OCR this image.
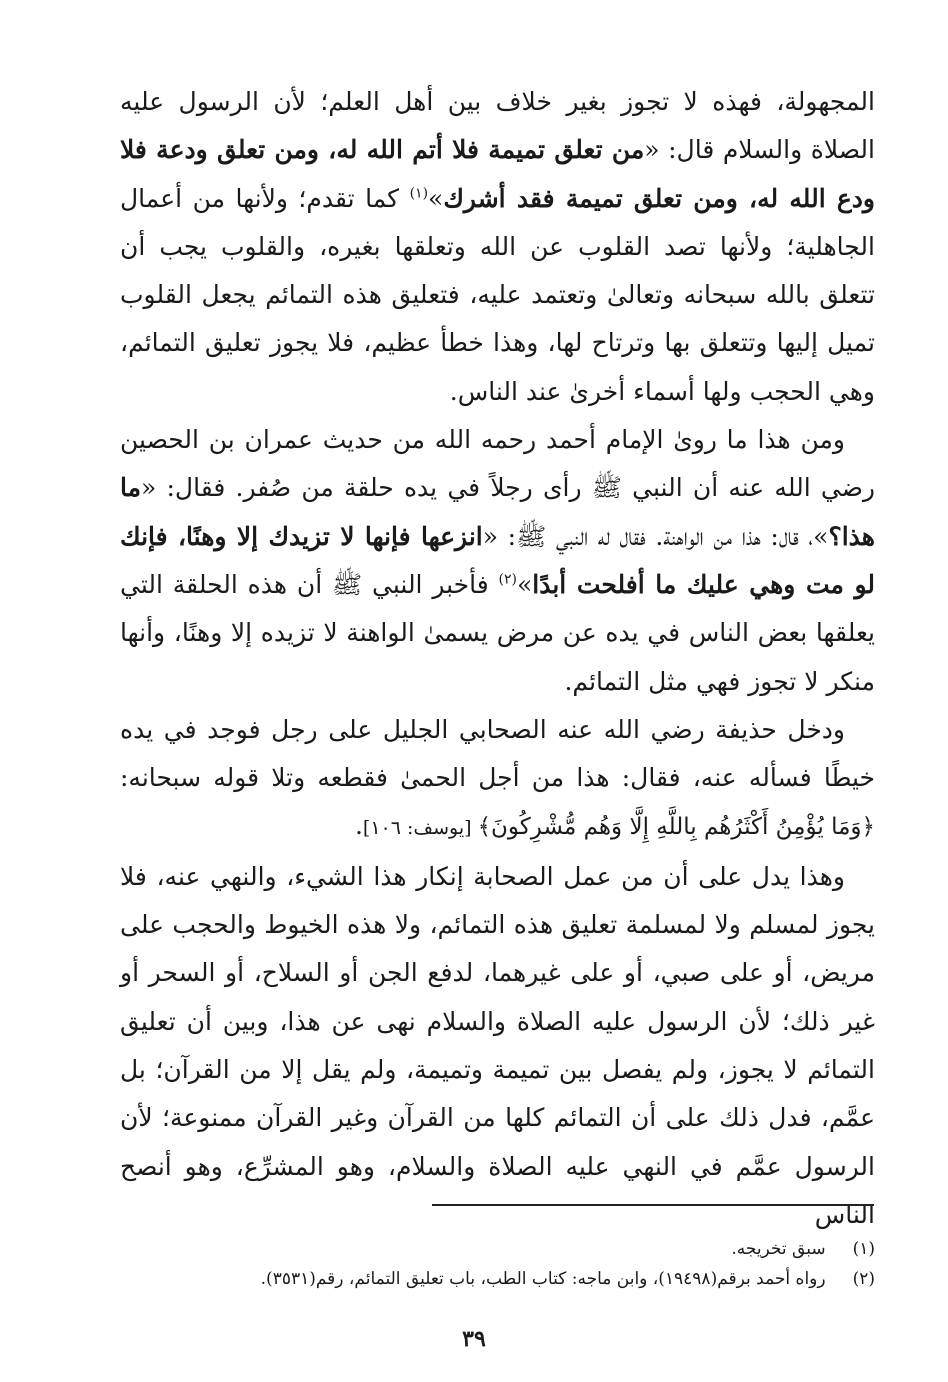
المجهولة، فهذه لا تجوز بغير خلاف بين أهل العلم؛ لأن الرسول عليه الصلاة والسلام قال: «من تعلق تميمة فلا أتم الله له، ومن تعلق ودعة فلا ودع الله له، ومن تعلق تميمة فقد أشرك»$^{(١)}$ كما تقدم؛ ولأنها من أعمال الجاهلية؛ ولأنها تصد القلوب عن الله وتعلقها بغيره، والقلوب يجب أن تتعلق بالله سبحانه وتعالىٰ وتعتمد عليه، فتعليق هذه التمائم يجعل القلوب تميل إليها وتتعلق بها وترتاح لها، وهذا خطأ عظيم، فلا يجوز تعليق التمائم، وهي الحجب ولها أسماء أخرىٰ عند الناس.

ومن هذا ما روىٰ الإمام أحمد رحمه الله من حديث عمران بن الحصين رضي الله عنه أن النبي ﷺ رأى رجلاً في يده حلقة من صُفر. فقال: «ما هذا؟»، قال: هذا من الواهنة. فقال له النبي ﷺ: «انزعها فإنها لا تزيدك إلا وهنًا، فإنك لو مت وهي عليك ما أفلحت أبدًا»$^{(٢)}$ فأخبر النبي ﷺ أن هذه الحلقة التي يعلقها بعض الناس في يده عن مرض يسمىٰ الواهنة لا تزيده إلا وهنًا، وأنها منكر لا تجوز فهي مثل التمائم.

ودخل حذيفة رضي الله عنه الصحابي الجليل على رجل فوجد في يده خيطًا فسأله عنه، فقال: هذا من أجل الحمىٰ فقطعه وتلا قوله سبحانه: ﴿وَمَا يُؤْمِنُ أَكْثَرُهُم بِاللَّهِ إِلَّا وَهُم مُّشْرِكُونَ﴾ [يوسف: ١٠٦].

وهذا يدل على أن من عمل الصحابة إنكار هذا الشيء، والنهي عنه، فلا يجوز لمسلم ولا لمسلمة تعليق هذه التمائم، ولا هذه الخيوط والحجب على مريض، أو على صبي، أو على غيرهما، لدفع الجن أو السلاح، أو السحر أو غير ذلك؛ لأن الرسول عليه الصلاة والسلام نهى عن هذا، وبين أن تعليق التمائم لا يجوز، ولم يفصل بين تميمة وتميمة، ولم يقل إلا من القرآن؛ بل عمَّم، فدل ذلك على أن التمائم كلها من القرآن وغير القرآن ممنوعة؛ لأن الرسول عمَّم في النهي عليه الصلاة والسلام، وهو المشرِّع، وهو أنصح الناس

(١) سبق تخريجه.

(٢) رواه أحمد برقم(١٩٤٩٨)، وابن ماجه: كتاب الطب، باب تعليق التمائم، رقم(٣٥٣١).

٣٩
